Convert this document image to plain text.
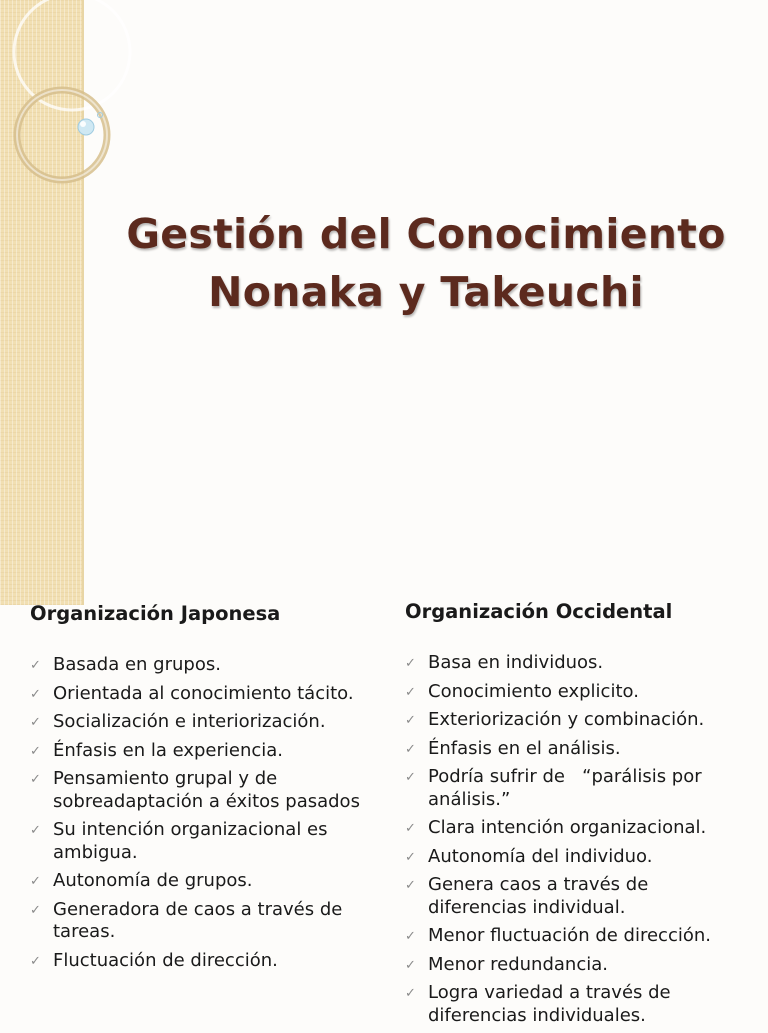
Gestión del Conocimiento
Nonaka y Takeuchi
Organización Japonesa
✓ Basada en grupos.
✓ Orientada al conocimiento tácito.
✓ Socialización e interiorización.
✓ Énfasis en la experiencia.
✓ Pensamiento grupal y de sobreadaptación a éxitos pasados
✓ Su intención organizacional es ambigua.
✓ Autonomía de grupos.
✓ Generadora de caos a través de tareas.
✓ Fluctuación de dirección.
Organización Occidental
✓ Basa en individuos.
✓ Conocimiento explicito.
✓ Exteriorización y combinación.
✓ Énfasis en el análisis.
✓ Podría sufrir de   “parálisis por análisis.”
✓ Clara intención organizacional.
✓ Autonomía del individuo.
✓ Genera caos a través de diferencias individual.
✓ Menor fluctuación de dirección.
✓ Menor redundancia.
✓ Logra variedad a través de diferencias individuales.
